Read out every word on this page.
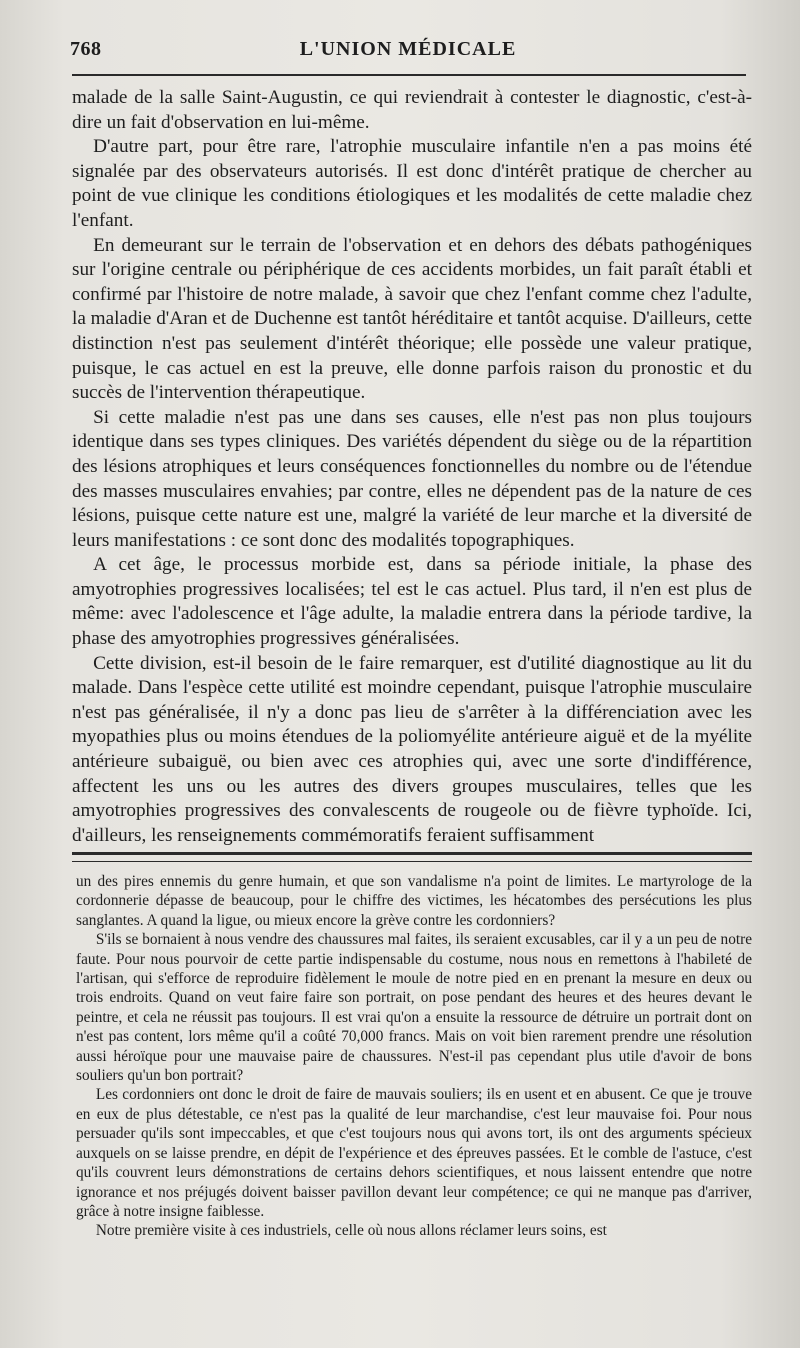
768	L'UNION MÉDICALE

malade de la salle Saint-Augustin, ce qui reviendrait à contester le diagnostic, c'est-à-dire un fait d'observation en lui-même.

D'autre part, pour être rare, l'atrophie musculaire infantile n'en a pas moins été signalée par des observateurs autorisés. Il est donc d'intérêt pratique de chercher au point de vue clinique les conditions étiologiques et les modalités de cette maladie chez l'enfant.

En demeurant sur le terrain de l'observation et en dehors des débats pathogéniques sur l'origine centrale ou périphérique de ces accidents morbides, un fait paraît établi et confirmé par l'histoire de notre malade, à savoir que chez l'enfant comme chez l'adulte, la maladie d'Aran et de Duchenne est tantôt héréditaire et tantôt acquise. D'ailleurs, cette distinction n'est pas seulement d'intérêt théorique; elle possède une valeur pratique, puisque, le cas actuel en est la preuve, elle donne parfois raison du pronostic et du succès de l'intervention thérapeutique.

Si cette maladie n'est pas une dans ses causes, elle n'est pas non plus toujours identique dans ses types cliniques. Des variétés dépendent du siège ou de la répartition des lésions atrophiques et leurs conséquences fonctionnelles du nombre ou de l'étendue des masses musculaires envahies; par contre, elles ne dépendent pas de la nature de ces lésions, puisque cette nature est une, malgré la variété de leur marche et la diversité de leurs manifestations : ce sont donc des modalités topographiques.

A cet âge, le processus morbide est, dans sa période initiale, la phase des amyotrophies progressives localisées; tel est le cas actuel. Plus tard, il n'en est plus de même: avec l'adolescence et l'âge adulte, la maladie entrera dans la période tardive, la phase des amyotrophies progressives généralisées.

Cette division, est-il besoin de le faire remarquer, est d'utilité diagnostique au lit du malade. Dans l'espèce cette utilité est moindre cependant, puisque l'atrophie musculaire n'est pas généralisée, il n'y a donc pas lieu de s'arrêter à la différenciation avec les myopathies plus ou moins étendues de la poliomyélite antérieure aiguë et de la myélite antérieure subaiguë, ou bien avec ces atrophies qui, avec une sorte d'indifférence, affectent les uns ou les autres des divers groupes musculaires, telles que les amyotrophies progressives des convalescents de rougeole ou de fièvre typhoïde. Ici, d'ailleurs, les renseignements commémoratifs feraient suffisamment

un des pires ennemis du genre humain, et que son vandalisme n'a point de limites. Le martyrologe de la cordonnerie dépasse de beaucoup, pour le chiffre des victimes, les hécatombes des persécutions les plus sanglantes. A quand la ligue, ou mieux encore la grève contre les cordonniers?

S'ils se bornaient à nous vendre des chaussures mal faites, ils seraient excusables, car il y a un peu de notre faute. Pour nous pourvoir de cette partie indispensable du costume, nous nous en remettons à l'habileté de l'artisan, qui s'efforce de reproduire fidèlement le moule de notre pied en en prenant la mesure en deux ou trois endroits. Quand on veut faire faire son portrait, on pose pendant des heures et des heures devant le peintre, et cela ne réussit pas toujours. Il est vrai qu'on a ensuite la ressource de détruire un portrait dont on n'est pas content, lors même qu'il a coûté 70,000 francs. Mais on voit bien rarement prendre une résolution aussi héroïque pour une mauvaise paire de chaussures. N'est-il pas cependant plus utile d'avoir de bons souliers qu'un bon portrait?

Les cordonniers ont donc le droit de faire de mauvais souliers; ils en usent et en abusent. Ce que je trouve en eux de plus détestable, ce n'est pas la qualité de leur marchandise, c'est leur mauvaise foi. Pour nous persuader qu'ils sont impeccables, et que c'est toujours nous qui avons tort, ils ont des arguments spécieux auxquels on se laisse prendre, en dépit de l'expérience et des épreuves passées. Et le comble de l'astuce, c'est qu'ils couvrent leurs démonstrations de certains dehors scientifiques, et nous laissent entendre que notre ignorance et nos préjugés doivent baisser pavillon devant leur compétence; ce qui ne manque pas d'arriver, grâce à notre insigne faiblesse.

Notre première visite à ces industriels, celle où nous allons réclamer leurs soins, est
